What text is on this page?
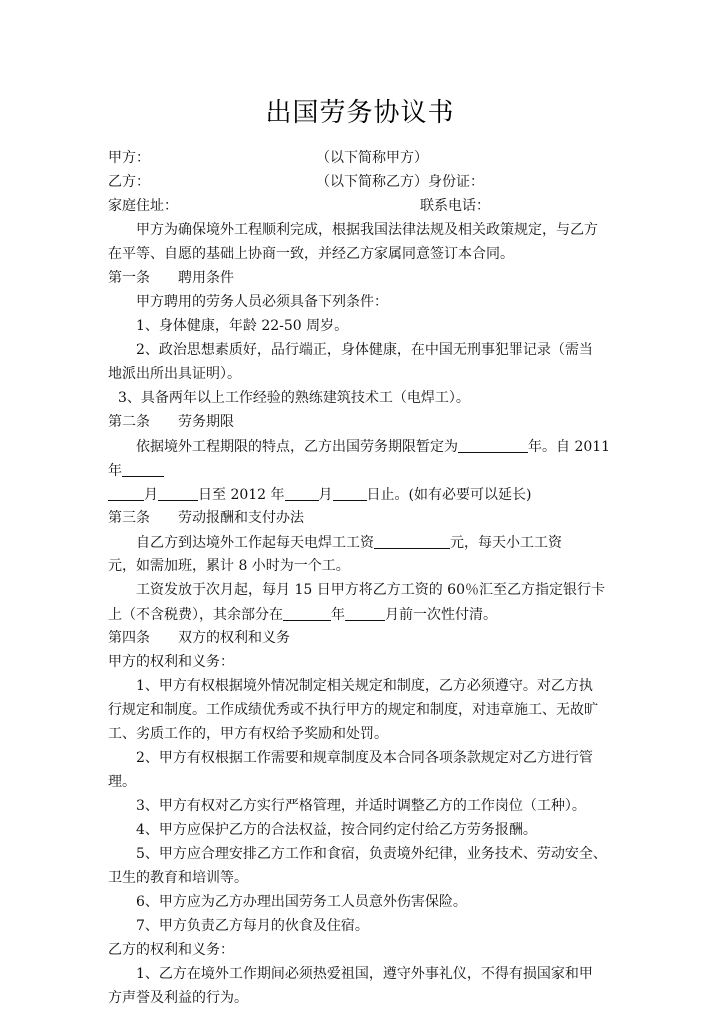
出国劳务协议书
甲方：	（以下简称甲方）
乙方：	（以下简称乙方）身份证：
家庭住址：	联系电话：
甲方为确保境外工程顺利完成，根据我国法律法规及相关政策规定，与乙方
在平等、自愿的基础上协商一致，并经乙方家属同意签订本合同。
第一条 聘用条件
甲方聘用的劳务人员必须具备下列条件：
1、身体健康，年龄 22-50 周岁。
2、政治思想素质好，品行端正，身体健康，在中国无刑事犯罪记录（需当
地派出所出具证明）。
3、具备两年以上工作经验的熟练建筑技术工（电焊工）。
第二条 劳务期限
依据境外工程期限的特点，乙方出国劳务期限暂定为	年。自 2011
年
月	日至 2012 年 月 日止。(如有必要可以延长)
第三条 劳动报酬和支付办法
自乙方到达境外工作起每天电焊工工资	元，每天小工工资
元，如需加班，累计 8 小时为一个工。
工资发放于次月起，每月 15 日甲方将乙方工资的 60％汇至乙方指定银行卡
上（不含税费），其余部分在	年	月前一次性付清。
第四条 双方的权利和义务
甲方的权利和义务：
1、甲方有权根据境外情况制定相关规定和制度，乙方必须遵守。对乙方执
行规定和制度。工作成绩优秀或不执行甲方的规定和制度，对违章施工、无故旷
工、劣质工作的，甲方有权给予奖励和处罚。
2、甲方有权根据工作需要和规章制度及本合同各项条款规定对乙方进行管
理。
3、甲方有权对乙方实行严格管理，并适时调整乙方的工作岗位（工种）。
4、甲方应保护乙方的合法权益，按合同约定付给乙方劳务报酬。
5、甲方应合理安排乙方工作和食宿，负责境外纪律，业务技术、劳动安全、
卫生的教育和培训等。
6、甲方应为乙方办理出国劳务工人员意外伤害保险。
7、甲方负责乙方每月的伙食及住宿。
乙方的权利和义务：
1、乙方在境外工作期间必须热爱祖国，遵守外事礼仪，不得有损国家和甲
方声誉及利益的行为。
